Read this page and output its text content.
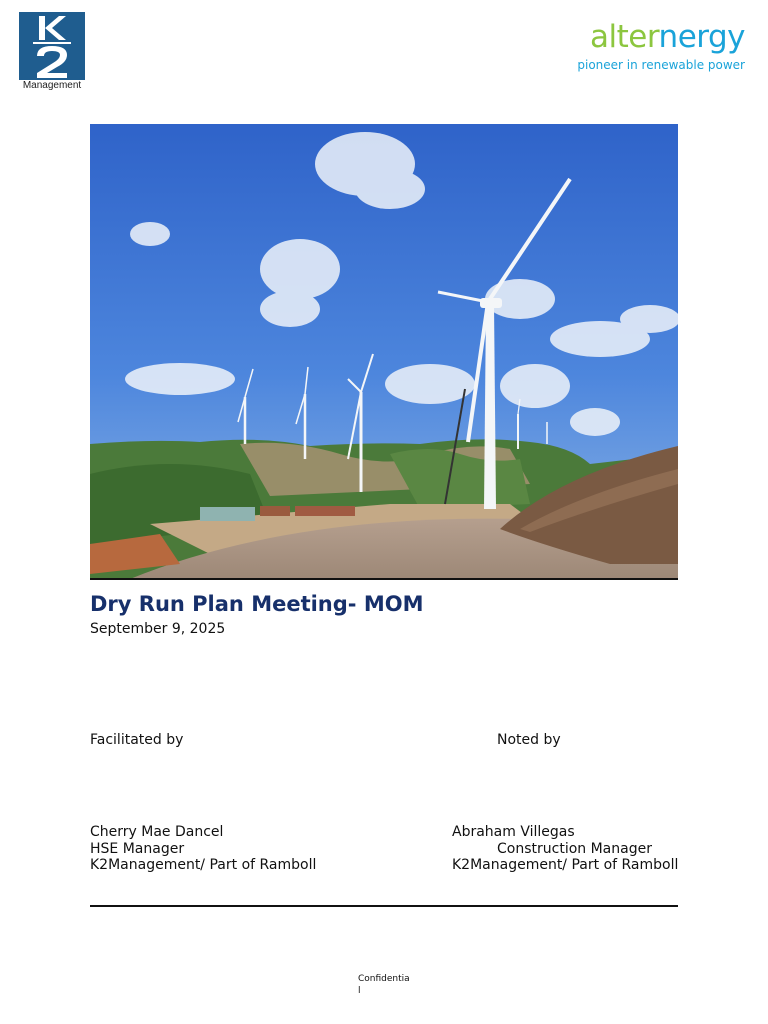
Management
alternergy
pioneer in renewable power
Dry Run Plan Meeting- MOM
September 9, 2025
Facilitated by	Noted by
Cherry Mae Dancel
HSE Manager
K2Management/ Part of Ramboll
Abraham Villegas
Construction Manager
K2Management/ Part of Ramboll
Confidentia
l
